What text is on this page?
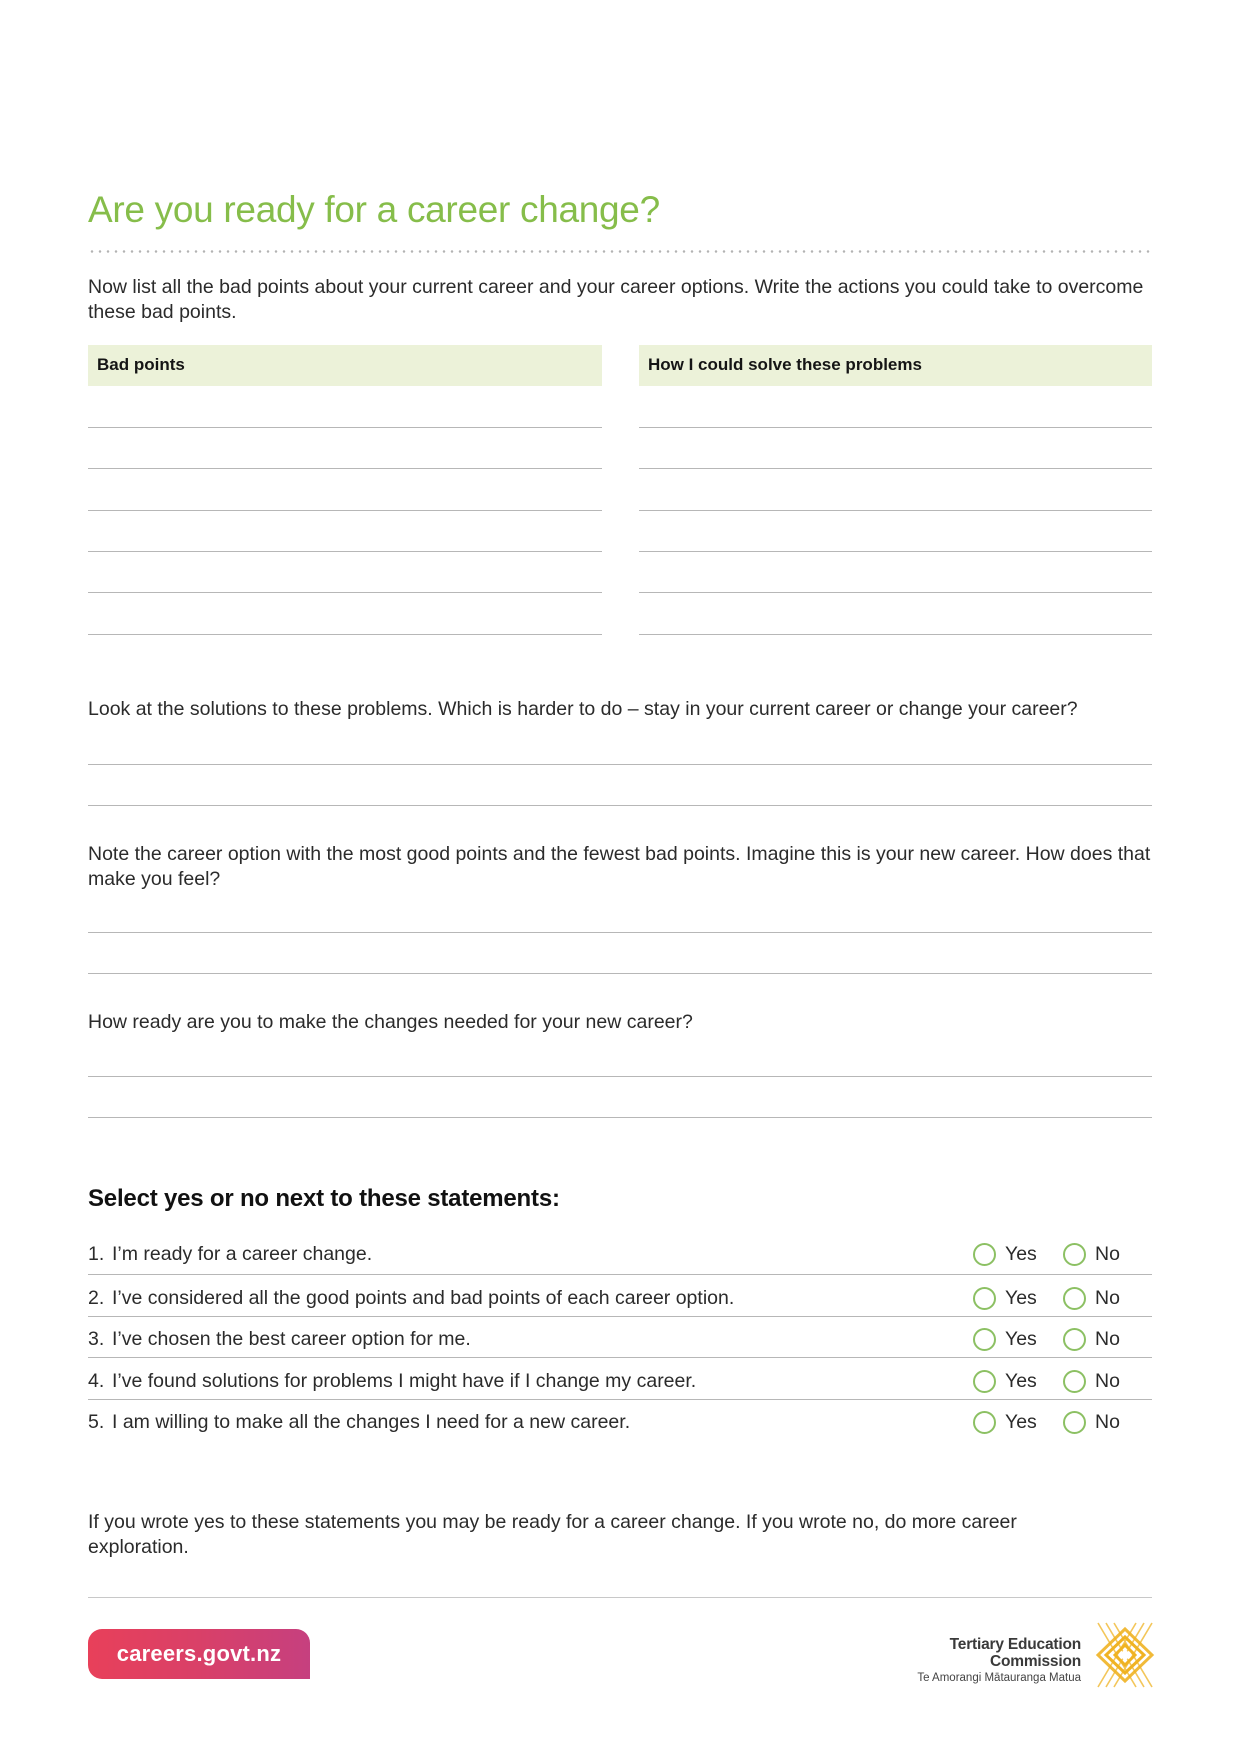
Are you ready for a career change?

Now list all the bad points about your current career and your career options. Write the actions you could take to overcome these bad points.

Bad points	How I could solve these problems

Look at the solutions to these problems. Which is harder to do – stay in your current career or change your career?

Note the career option with the most good points and the fewest bad points. Imagine this is your new career. How does that make you feel?

How ready are you to make the changes needed for your new career?

Select yes or no next to these statements:
1. I’m ready for a career change.	Yes	No
2. I’ve considered all the good points and bad points of each career option.	Yes	No
3. I’ve chosen the best career option for me.	Yes	No
4. I’ve found solutions for problems I might have if I change my career.	Yes	No
5. I am willing to make all the changes I need for a new career.	Yes	No

If you wrote yes to these statements you may be ready for a career change. If you wrote no, do more career exploration.

careers.govt.nz	Tertiary Education
Commission
Te Amorangi Mātauranga Matua
